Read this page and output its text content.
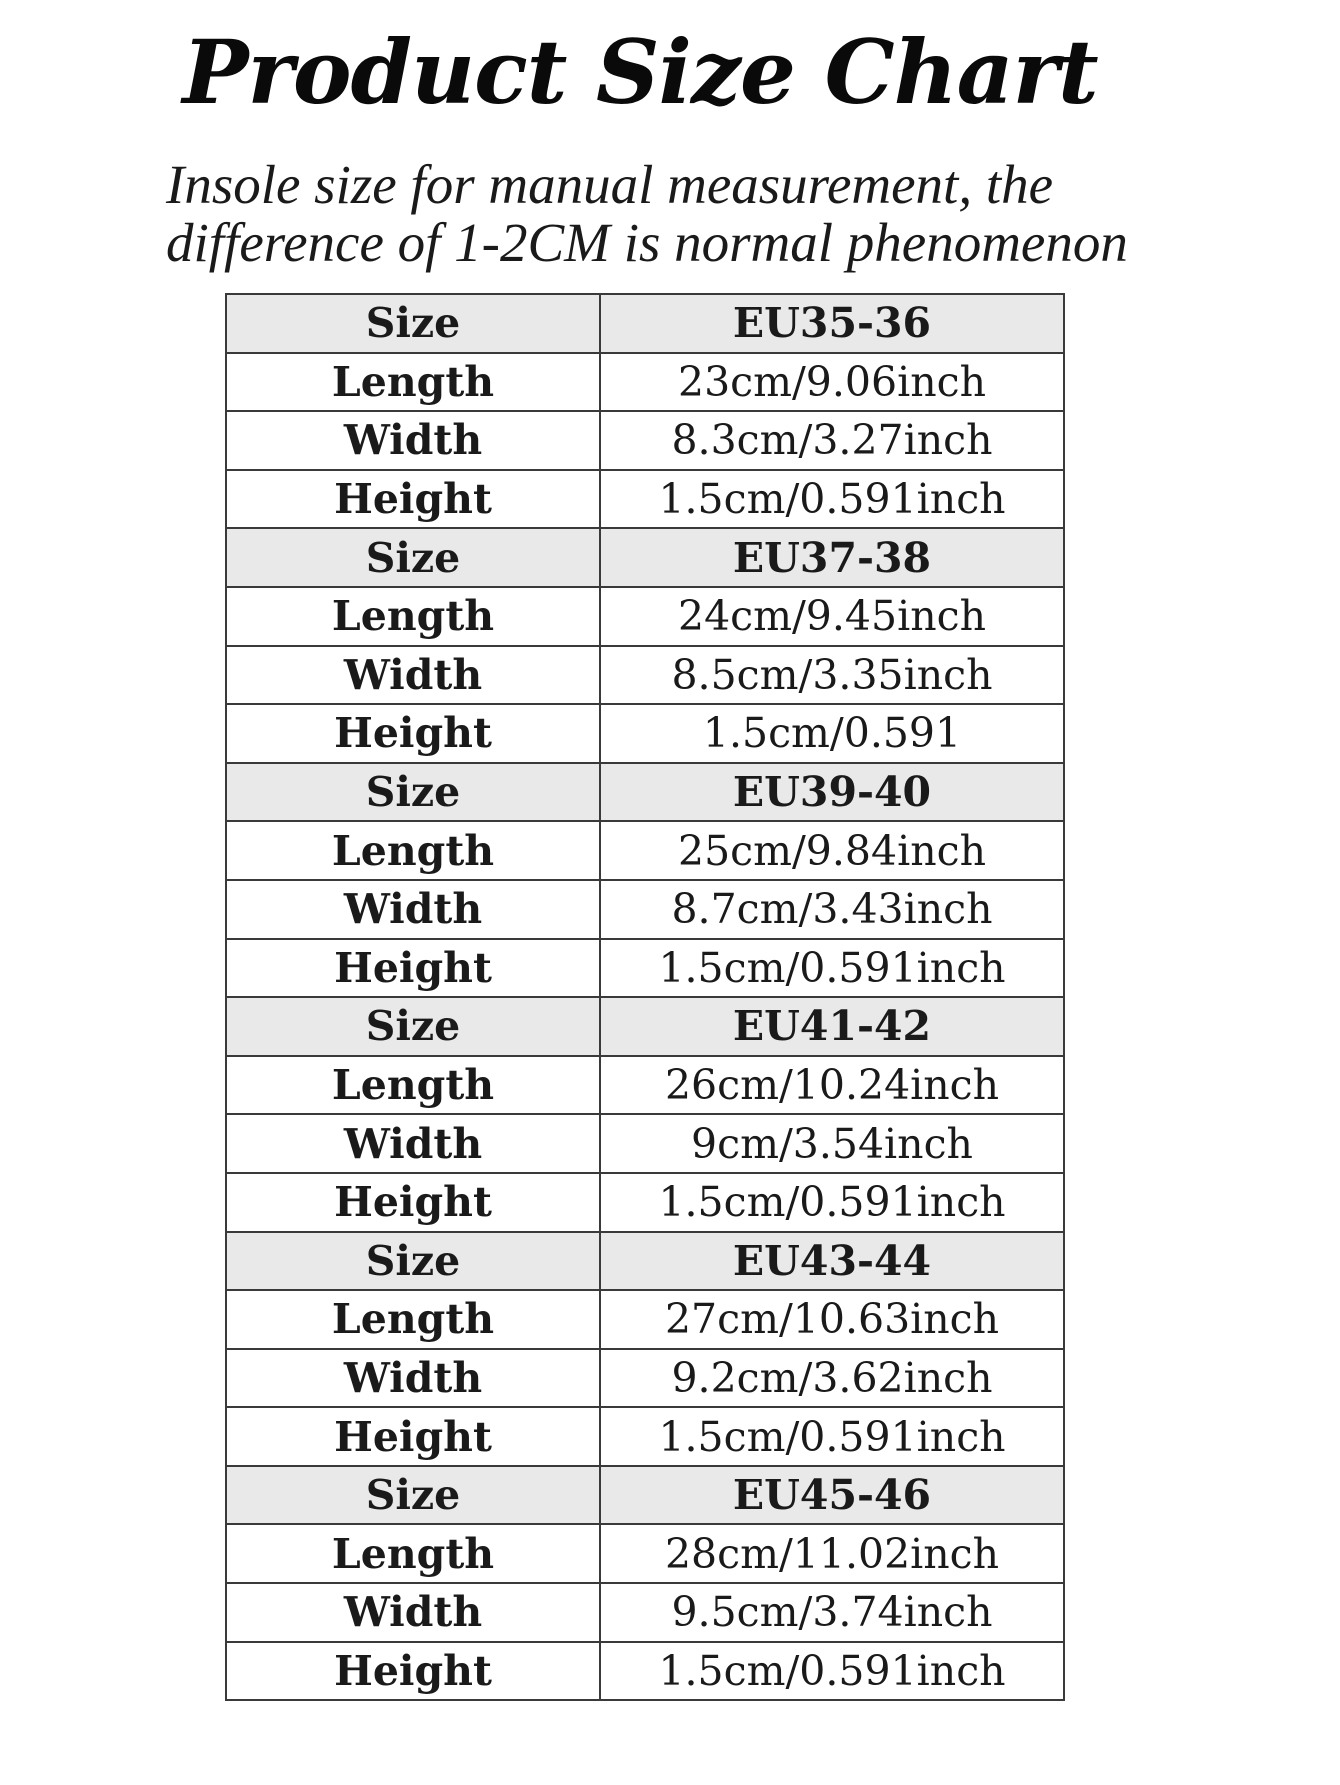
Product Size Chart
Insole size for manual measurement, the
difference of 1-2CM is normal phenomenon
Size	EU35-36
Length	23cm/9.06inch
Width	8.3cm/3.27inch
Height	1.5cm/0.591inch
Size	EU37-38
Length	24cm/9.45inch
Width	8.5cm/3.35inch
Height	1.5cm/0.591
Size	EU39-40
Length	25cm/9.84inch
Width	8.7cm/3.43inch
Height	1.5cm/0.591inch
Size	EU41-42
Length	26cm/10.24inch
Width	9cm/3.54inch
Height	1.5cm/0.591inch
Size	EU43-44
Length	27cm/10.63inch
Width	9.2cm/3.62inch
Height	1.5cm/0.591inch
Size	EU45-46
Length	28cm/11.02inch
Width	9.5cm/3.74inch
Height	1.5cm/0.591inch
